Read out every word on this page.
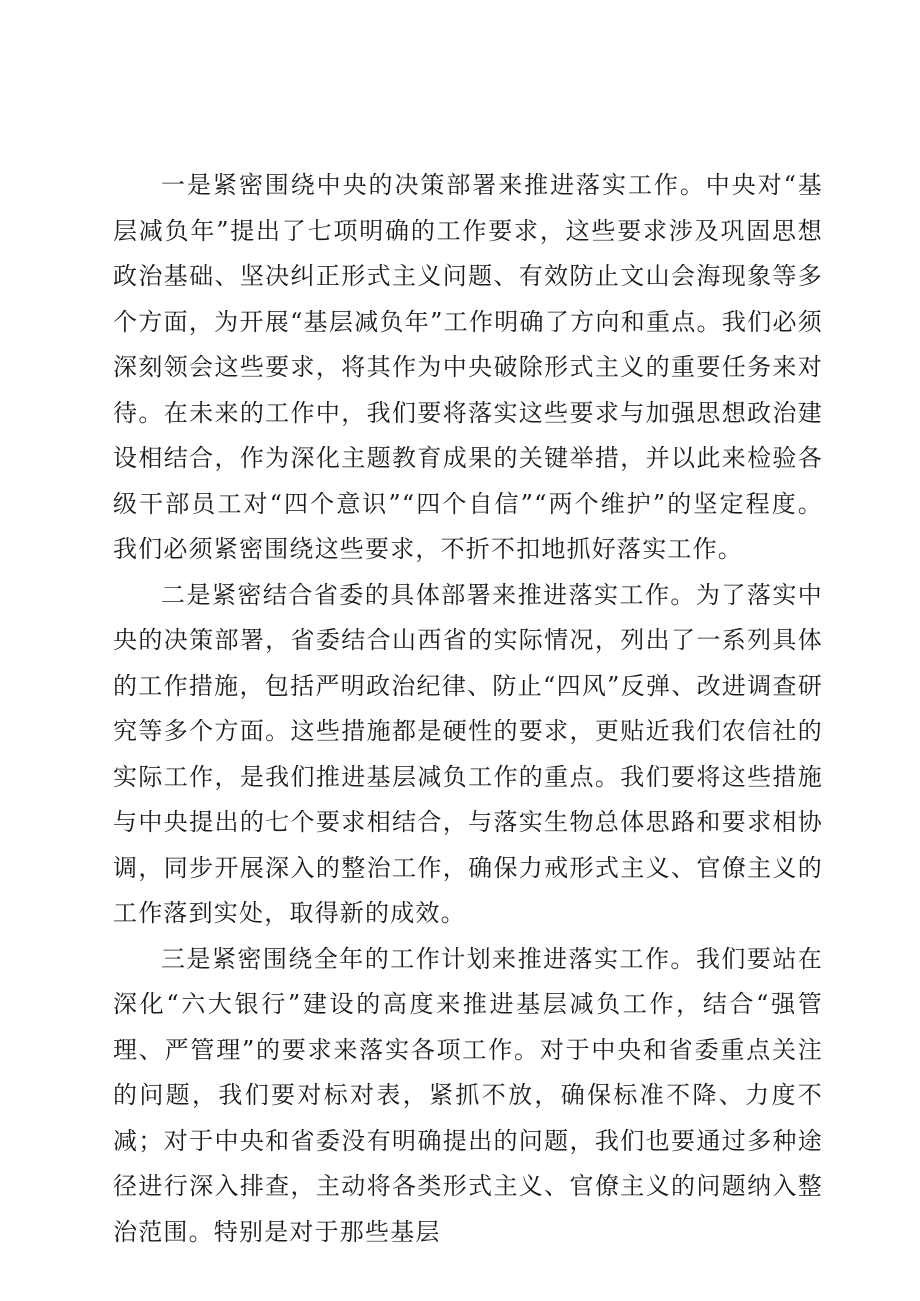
一是紧密围绕中央的决策部署来推进落实工作。中央对“基层减负年”提出了七项明确的工作要求，这些要求涉及巩固思想政治基础、坚决纠正形式主义问题、有效防止文山会海现象等多个方面，为开展“基层减负年”工作明确了方向和重点。我们必须深刻领会这些要求，将其作为中央破除形式主义的重要任务来对待。在未来的工作中，我们要将落实这些要求与加强思想政治建设相结合，作为深化主题教育成果的关键举措，并以此来检验各级干部员工对“四个意识”“四个自信”“两个维护”的坚定程度。我们必须紧密围绕这些要求，不折不扣地抓好落实工作。

二是紧密结合省委的具体部署来推进落实工作。为了落实中央的决策部署，省委结合山西省的实际情况，列出了一系列具体的工作措施，包括严明政治纪律、防止“四风”反弹、改进调查研究等多个方面。这些措施都是硬性的要求，更贴近我们农信社的实际工作，是我们推进基层减负工作的重点。我们要将这些措施与中央提出的七个要求相结合，与落实生物总体思路和要求相协调，同步开展深入的整治工作，确保力戒形式主义、官僚主义的工作落到实处，取得新的成效。

三是紧密围绕全年的工作计划来推进落实工作。我们要站在深化“六大银行”建设的高度来推进基层减负工作，结合“强管理、严管理”的要求来落实各项工作。对于中央和省委重点关注的问题，我们要对标对表，紧抓不放，确保标准不降、力度不减；对于中央和省委没有明确提出的问题，我们也要通过多种途径进行深入排查，主动将各类形式主义、官僚主义的问题纳入整治范围。特别是对于那些基层
